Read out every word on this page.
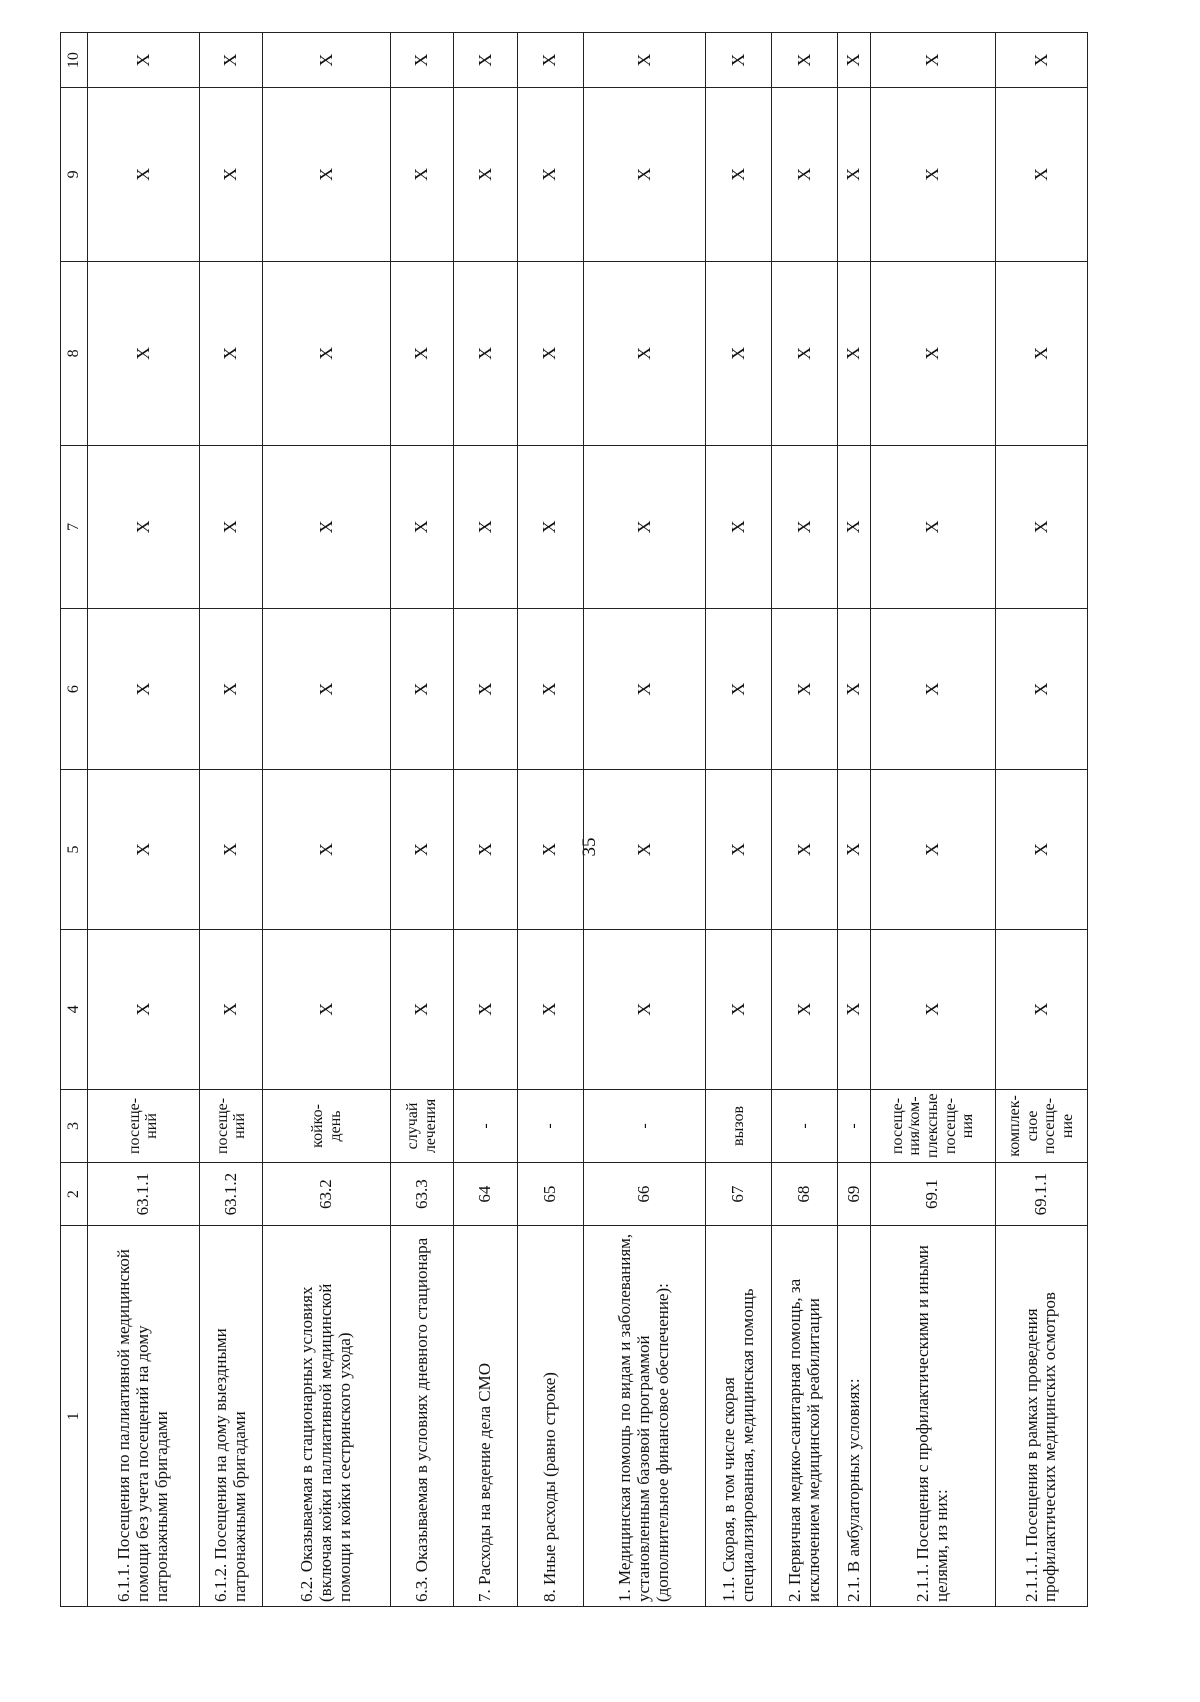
35
1	2	3	4	5	6	7	8	9	10
6.1.1. Посещения по паллиативной медицинской помощи без учета посещений на дому патронажными бригадами	63.1.1	посеще-ний	X	X	X	X	X	X	X
6.1.2. Посещения на дому выездными патронажными бригадами	63.1.2	посеще-ний	X	X	X	X	X	X	X
6.2. Оказываемая в стационарных условиях (включая койки паллиативной медицинской помощи и койки сестринского ухода)	63.2	койко-день	X	X	X	X	X	X	X
6.3. Оказываемая в условиях дневного стационара	63.3	случай лечения	X	X	X	X	X	X	X
7. Расходы на ведение дела СМО	64	-	X	X	X	X	X	X	X
8. Иные расходы (равно строке)	65	-	X	X	X	X	X	X	X
1. Медицинская помощь по видам и заболеваниям, установленным базовой программой (дополнительное финансовое обеспечение):	66	-	X	X	X	X	X	X	X
1.1. Скорая, в том числе скорая специализированная, медицинская помощь	67	вызов	X	X	X	X	X	X	X
2. Первичная медико-санитарная помощь, за исключением медицинской реабилитации	68	-	X	X	X	X	X	X	X
2.1. В амбулаторных условиях:	69	-	X	X	X	X	X	X	X
2.1.1. Посещения с профилактическими и иными целями, из них:	69.1	посеще-ния/ком-плексные посеще-ния	X	X	X	X	X	X	X
2.1.1.1. Посещения в рамках проведения профилактических медицинских осмотров	69.1.1	комплек-сное посеще-ние	X	X	X	X	X	X	X
